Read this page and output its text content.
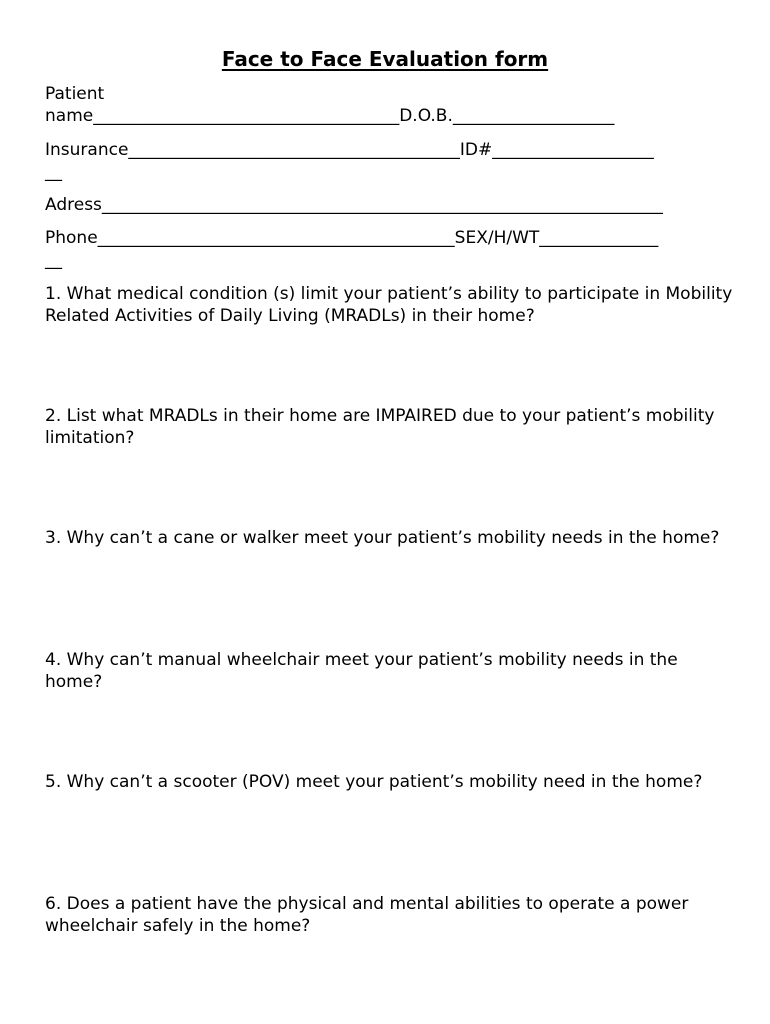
Face to Face Evaluation form
Patient
name____________________________________D.O.B.___________________
Insurance_______________________________________ID#___________________
__
Adress__________________________________________________________________
Phone__________________________________________SEX/H/WT______________
__
1. What medical condition (s) limit your patient’s ability to participate in Mobility Related Activities of Daily Living (MRADLs) in their home?
2. List what MRADLs in their home are IMPAIRED due to your patient’s mobility limitation?
3. Why can’t a cane or walker meet your patient’s mobility needs in the home?
4. Why can’t manual wheelchair meet your patient’s mobility needs in the home?
5. Why can’t a scooter (POV) meet your patient’s mobility need in the home?
6. Does a patient have the physical and mental abilities to operate a power wheelchair safely in the home?
